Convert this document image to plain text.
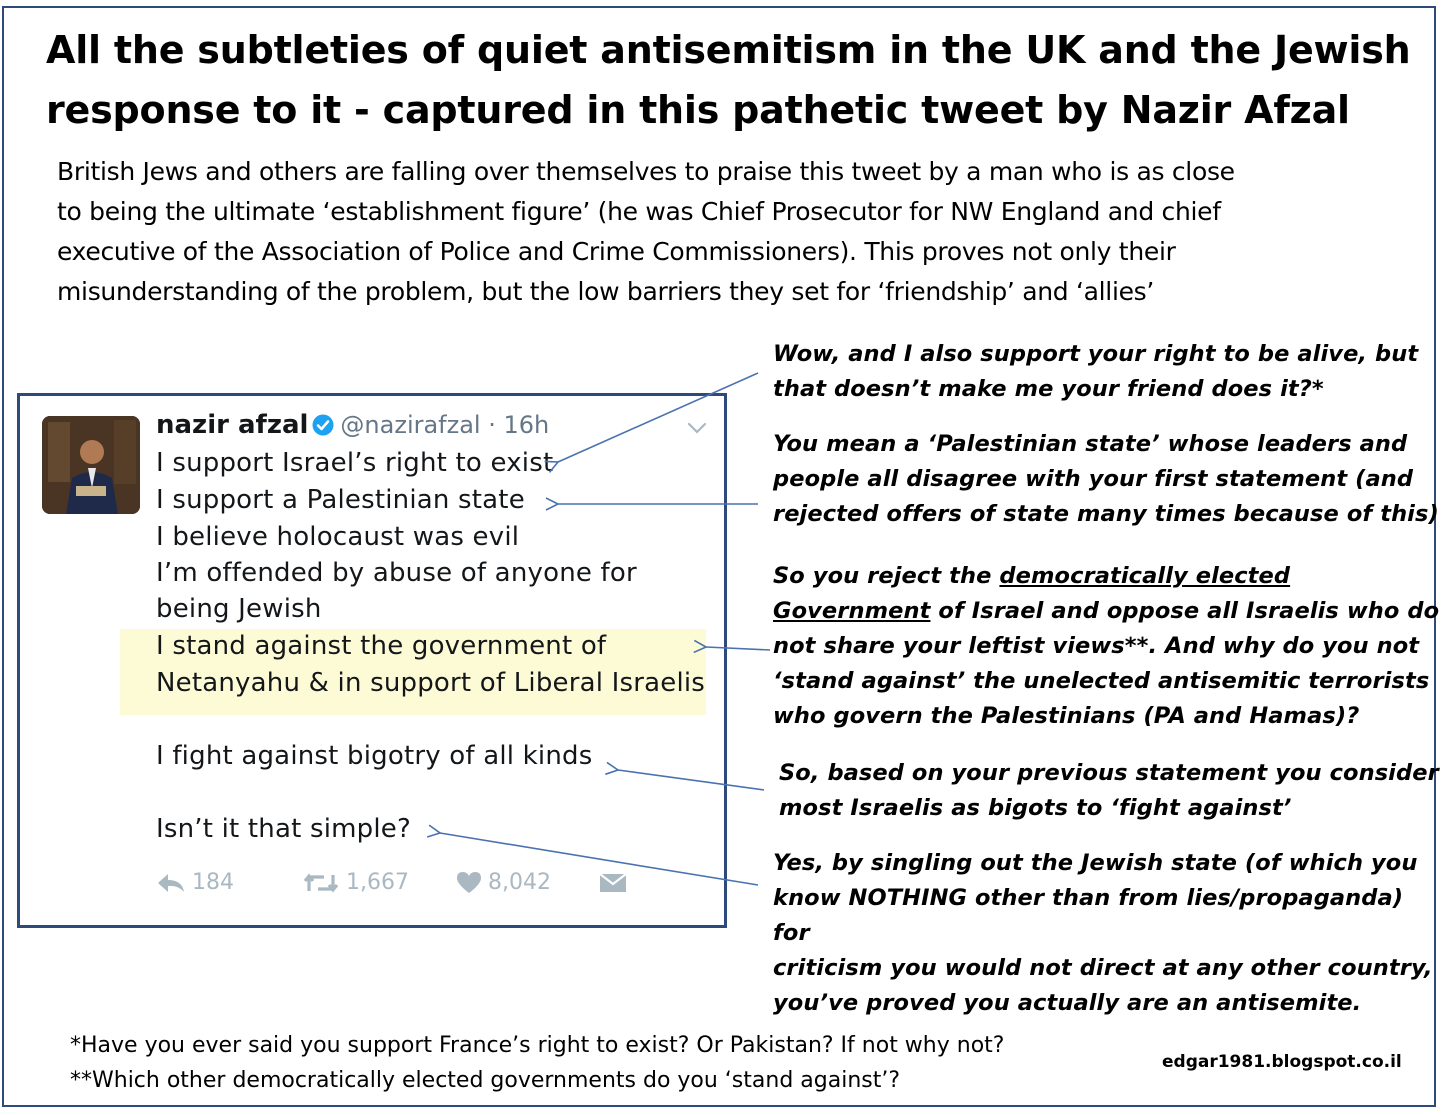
All the subtleties of quiet antisemitism in the UK and the Jewish
response to it - captured in this pathetic tweet by Nazir Afzal
British Jews and others are falling over themselves to praise this tweet by a man who is as close
to being the ultimate ‘establishment figure’ (he was Chief Prosecutor for NW England and chief
executive of the Association of Police and Crime Commissioners). This proves not only their
misunderstanding of the problem, but the low barriers they set for ‘friendship’ and ‘allies’
nazir afzal @nazirafzal · 16h
I support Israel’s right to exist
I support a Palestinian state
I believe holocaust was evil
I’m offended by abuse of anyone for
being Jewish
I stand against the government of
Netanyahu & in support of Liberal Israelis
I fight against bigotry of all kinds
Isn’t it that simple?
184	1,667	8,042
Wow, and I also support your right to be alive, but
that doesn’t make me your friend does it?*
You mean a ‘Palestinian state’ whose leaders and
people all disagree with your first statement (and
rejected offers of state many times because of this)
So you reject the democratically elected
Government of Israel and oppose all Israelis who do
not share your leftist views**. And why do you not
‘stand against’ the unelected antisemitic terrorists
who govern the Palestinians (PA and Hamas)?
So, based on your previous statement you consider
most Israelis as bigots to ‘fight against’
Yes, by singling out the Jewish state (of which you
know NOTHING other than from lies/propaganda) for
criticism you would not direct at any other country,
you’ve proved you actually are an antisemite.
*Have you ever said you support France’s right to exist? Or Pakistan? If not why not?
**Which other democratically elected governments do you ‘stand against’?
edgar1981.blogspot.co.il
